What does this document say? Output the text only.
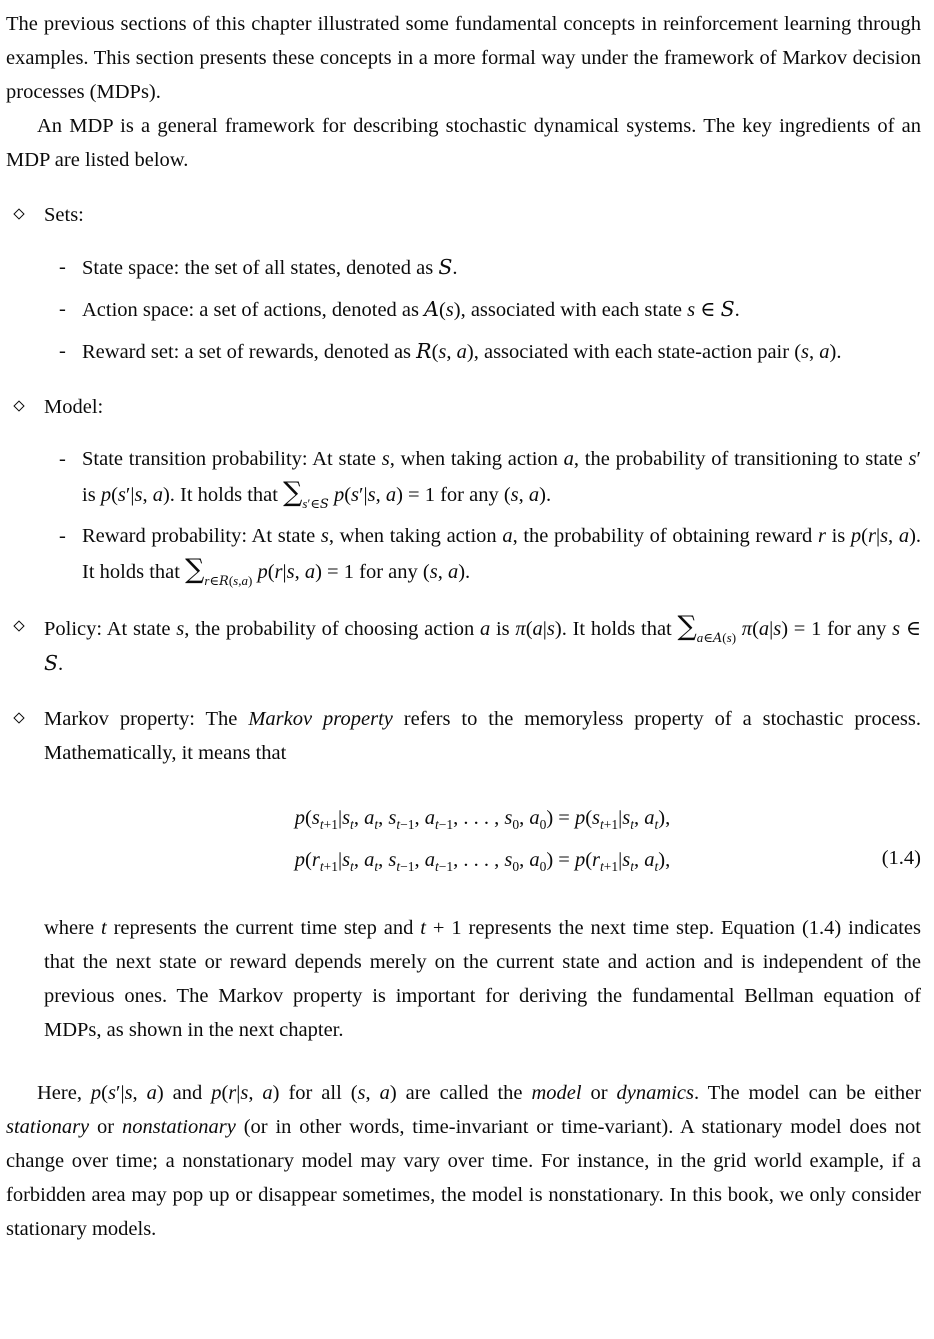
The previous sections of this chapter illustrated some fundamental concepts in reinforcement learning through examples. This section presents these concepts in a more formal way under the framework of Markov decision processes (MDPs).

An MDP is a general framework for describing stochastic dynamical systems. The key ingredients of an MDP are listed below.

Sets:

- State space: the set of all states, denoted as S.

- Action space: a set of actions, denoted as A(s), associated with each state s ∈ S.

- Reward set: a set of rewards, denoted as R(s, a), associated with each state-action pair (s, a).

Model:

- State transition probability: At state s, when taking action a, the probability of transitioning to state s′ is p(s′|s, a). It holds that $\sum_{s'\in S}$ p(s′|s, a) = 1 for any (s, a).

- Reward probability: At state s, when taking action a, the probability of obtaining reward r is p(r|s, a). It holds that $\sum_{r\in R(s,a)}$ p(r|s, a) = 1 for any (s, a).

Policy: At state s, the probability of choosing action a is π(a|s). It holds that $\sum_{a\in A(s)}$ π(a|s) = 1 for any s ∈ S.

Markov property: The Markov property refers to the memoryless property of a stochastic process. Mathematically, it means that

$p(s_{t+1}|s_t$, $a_t$, $s_{t-1}$, $a_{t-1}$, . . . , $s_0$, $a_0) = p(s_{t+1}|s_t$, $a_t$),

$p(r_{t+1}|s_t$, $a_t$, $s_{t-1}$, $a_{t-1}$, . . . , $s_0$, $a_0) = p(r_{t+1}|s_t$, $a_t$),	(1.4)

where t represents the current time step and t + 1 represents the next time step. Equation (1.4) indicates that the next state or reward depends merely on the current state and action and is independent of the previous ones. The Markov property is important for deriving the fundamental Bellman equation of MDPs, as shown in the next chapter.

Here, p(s′|s, a) and p(r|s, a) for all (s, a) are called the model or dynamics. The model can be either stationary or nonstationary (or in other words, time-invariant or time-variant). A stationary model does not change over time; a nonstationary model may vary over time. For instance, in the grid world example, if a forbidden area may pop up or disappear sometimes, the model is nonstationary. In this book, we only consider stationary models.
